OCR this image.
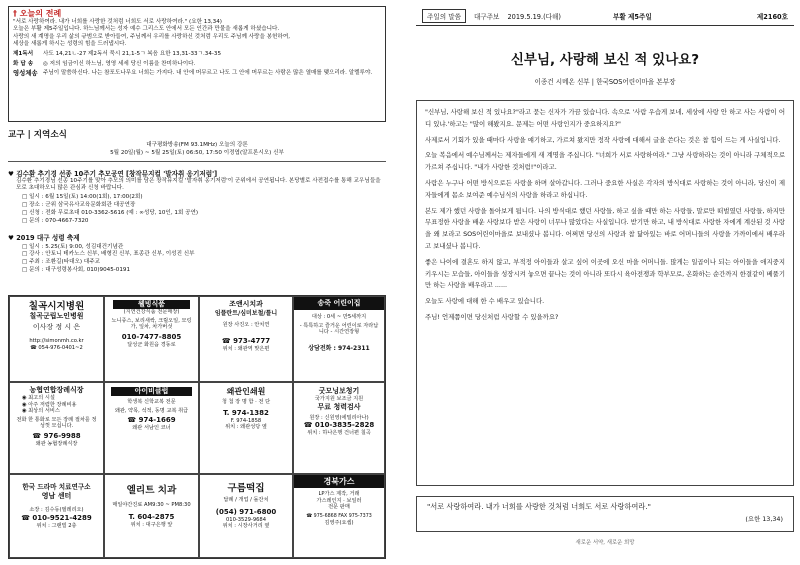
† 오늘의 전례

"서로 사랑하여라. 내가 너희를 사랑한 것처럼 너희도 서로 사랑하여라." (요한 13,34)

오늘은 부활 제5주일입니다. 하느님께서는 성자 예수 그리스도 안에서 모든 인간과 만물을 새롭게 하셨습니다.

사랑의 새 계명을 우리 삶의 규범으로 받아들여, 주님께서 우리를 사랑하신 것처럼 우리도 주님께 사랑을 봉헌하여,

세상을 새롭게 하시는 성령의 힘을 드러냅시다.

제1독서	사도 14,21ㄴ-27 제2독서 묵시 21,1-5ㄱ 복음 요한 13,31-33ㄱ.34-35
화 답 송	◎ 저의 임금이신 하느님, 영영 세세 당신 이름을 찬미하나이다.
영성체송 주님이 말씀하신다. 나는 참포도나무요 너희는 가지다. 내 안에 머무르고 나도 그 안에 머무르는 사람은 많은 열매를 맺으리라. 알렐루야.
교구 | 지역소식
대구평화방송(FM 93.1MHz) 오늘의 강론
5월 20일(월) ~ 5월 25일(토) 06:50, 17:50 이정엽(알프론시오) 신부
♥ 김수환 추기경 선종 10주기 추모공연 [창작뮤지컬 '발자취 옹기저럼']
김수환 추기경님 선종 10주기를 맞아 추모의 의미를 담은 창작뮤지컬 '발자취 옹기저럼'이 군위에서 공연됩니다. 본당별로 사전접수를 통해 교우님들을 모로 초대하오니 많은 관심과 신청 바랍니다.
□ 일시 : 6월 15일(토) 14:00(1회), 17:00(2회)
□ 장소 : 군위 삼국유사교육문화회관 대공연장
□ 신청 : 전화 무료초대 010-3362-5616 (예 : ∞성당, 10인, 1회 공연)
□ 문의 : 070-4667-7320
♥ 2019 대구 성령 축제
□ 일시 : 5.25(토) 9:00, 성김대건기념관
□ 강사 : 안토니 테카노스 신부, 배형진 신부, 표종관 신부, 이성진 신부
□ 주최 : 조환길(타대오) 대주교
□ 문의 : 대구성령봉사회, 010)9045-0191
칠곡시지병원
칠곡군립노인병원
이사장 정 시 은
http://simonmh.co.kr
☎ 054-976-0401~2
웰빙식품
(지연건강식품 전문매장)
노니쥬스, 보리새싹, 크릴오일, 모링가, 잎차, 차가버섯
010-7477-8805
달성군 화원읍 경동로
조앤시치과
임플란트/심미보철/틀니
원장 사진오 : 안치연
☎ 973-4777
위치 : 왜관역 맞은편
송죽 어린이집
대상 : 0세 ~ 만5세까지
- 특특하고 즐거운 어린이로 자라납니다 - 시간연장형
상담전화 : 974-2311
농협연합장례식장
◉ 최고의 시설
◉ 아주 저렴한 장례비용
◉ 최상의 서비스
전화 한 통화로 모든 장례 절차를 정성껏 모십니다.
☎ 976-9988
왜관 농협장례식장
아이비클럽
학생복 신학교복 전문
왜관, 약목, 석적, 동명 교복 취급
☎ 974-1669
왜관 서남인 코너
왜관인쇄원
청 첩 장 명 함 · 전 단
T. 974-1382
F. 974-1858
위치 : 왜관성당 옆
굿모닝보청기
국가지원 보조금 지원
무료 청력검사
원장 : 신원영(에밀리아나)
☎ 010-3835-2828
위치 : 하나은행 건너편 칠곡
한국 드라마 치료연구소
영남 센터
소장 : 김수동(필레리오)
☎ 010-9521-4289
위치 : 그랜빌 2층
엘리트 치과
매일야간진료 AM9:30 ~ PM8:30
T. 604-2875
위치 : 대구은행 앞
구름떡집
답례 / 개업 / 돌잔치
(054) 971-6800
010-3529-9684
위치 : 시장사거리 옆
경북가스
LP가스 제작, 거래
가스레인지 · 보일러
전문 판매
☎ 975-6868 FAX 975-7373
김영주(요셉)
주일의 말씀	대구주보 2019.5.19.(다해)	부활 제5주일	제2160호
신부님, 사랑해 보신 적 있나요?
이종건 시메온 신부 | 한국SOS어린이마을 본부장

"신부님, 사랑해 보신 적 있나요?"라고 묻는 신자가 가끔 있습니다. 속으로 '사람 우습게 보네, 세상에 사랑 안 하고 사는 사람이 어디 있냐.'하고는 "많이 해봤지요. 문제는 어떤 사랑인지가 중요하지요?"

사제로서 기회가 있을 때마다 사랑을 얘기하고, 가르쳐 왔지만 정작 사랑에 대해서 글을 쓴다는 것은 참 힘이 드는 게 사실입니다.

오늘 복음에서 예수님께서는 제자들에게 새 계명을 주십니다. "너희가 서로 사랑하여라." 그냥 사랑하라는 것이 아니라 구체적으로 가르쳐 주십니다. "내가 사랑한 것처럼!"이라고.

사람은 누구나 어떤 방식으로든 사랑을 하며 살아갑니다. 그러나 중요한 사실은 각자의 방식대로 사랑하는 것이 아니라, 당신이 제자들에게 몸소 보여준 예수님식의 사랑을 하라고 하십니다.

본도 제가 했던 사랑을 돌아보게 됩니다. 나의 방식대로 했던 사랑들, 하고 싶을 때만 하는 사랑들, 말로만 떠벌였던 사랑들, 하지만 무표정한 사랑을 배운 사랑보다 받은 사랑이 너무나 많았다는 사실입니다. 받기만 하고, 내 방식대로 사랑한 자에게 계산된 것 사랑을 왜 보라고 SOS어린이마을로 보내셨나 봅니다. 어쩌면 당신의 사랑과 참 닮아있는 바로 어머니들의 사랑을 가까이에서 배우라고 보내셨나 봅니다.

좋은 나이에 결혼도 하지 않고, 부적정 아이들과 살고 싶어 이곳에 오신 마을 어머니들. 많게는 일곱이나 되는 아이들을 애지중지 키우시는 모습들, 아이들을 성장시켜 놓으면 끝나는 것이 아니라 또다시 육아전쟁과 학부모로, 온화하는 순간까지 한결같이 베풀기만 하는 사랑을 배우라고 ......

오늘도 사랑에 대해 한 수 배우고 있습니다.

주님! 언제쯤이면 당신처럼 사랑할 수 있을까요?

"서로 사랑하여라. 내가 너희를 사랑한 것처럼 너희도 서로 사랑하여라."
(요한 13,34)
새로운 서약, 새로운 희망
